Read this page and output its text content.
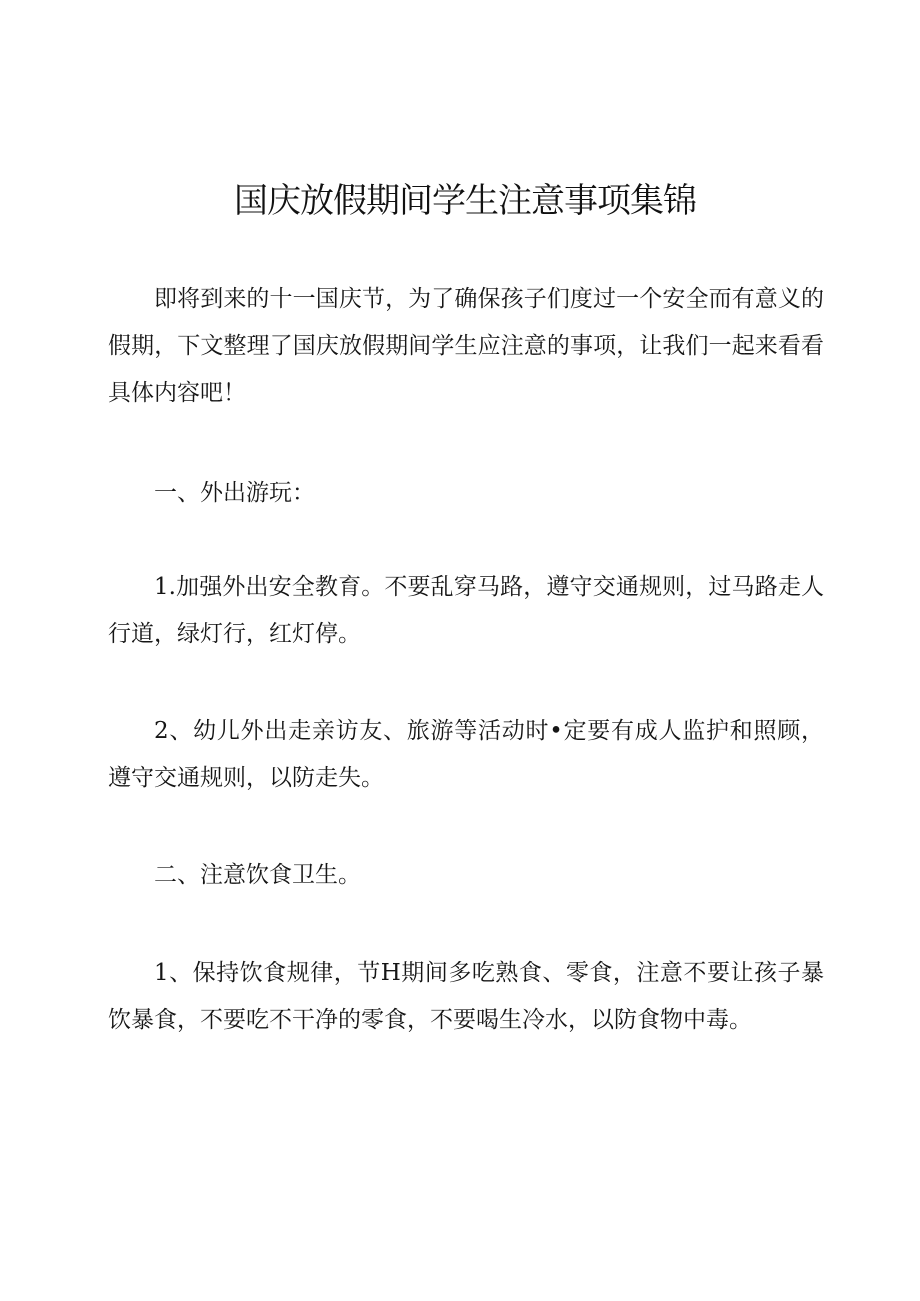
国庆放假期间学生注意事项集锦

即将到来的十一国庆节，为了确保孩子们度过一个安全而有意义的假期，下文整理了国庆放假期间学生应注意的事项，让我们一起来看看具体内容吧！

一、外出游玩：

1.加强外出安全教育。不要乱穿马路，遵守交通规则，过马路走人行道，绿灯行，红灯停。

2、幼儿外出走亲访友、旅游等活动时•定要有成人监护和照顾，遵守交通规则，以防走失。

二、注意饮食卫生。

1、保持饮食规律，节H期间多吃熟食、零食，注意不要让孩子暴饮暴食，不要吃不干净的零食，不要喝生冷水，以防食物中毒。
